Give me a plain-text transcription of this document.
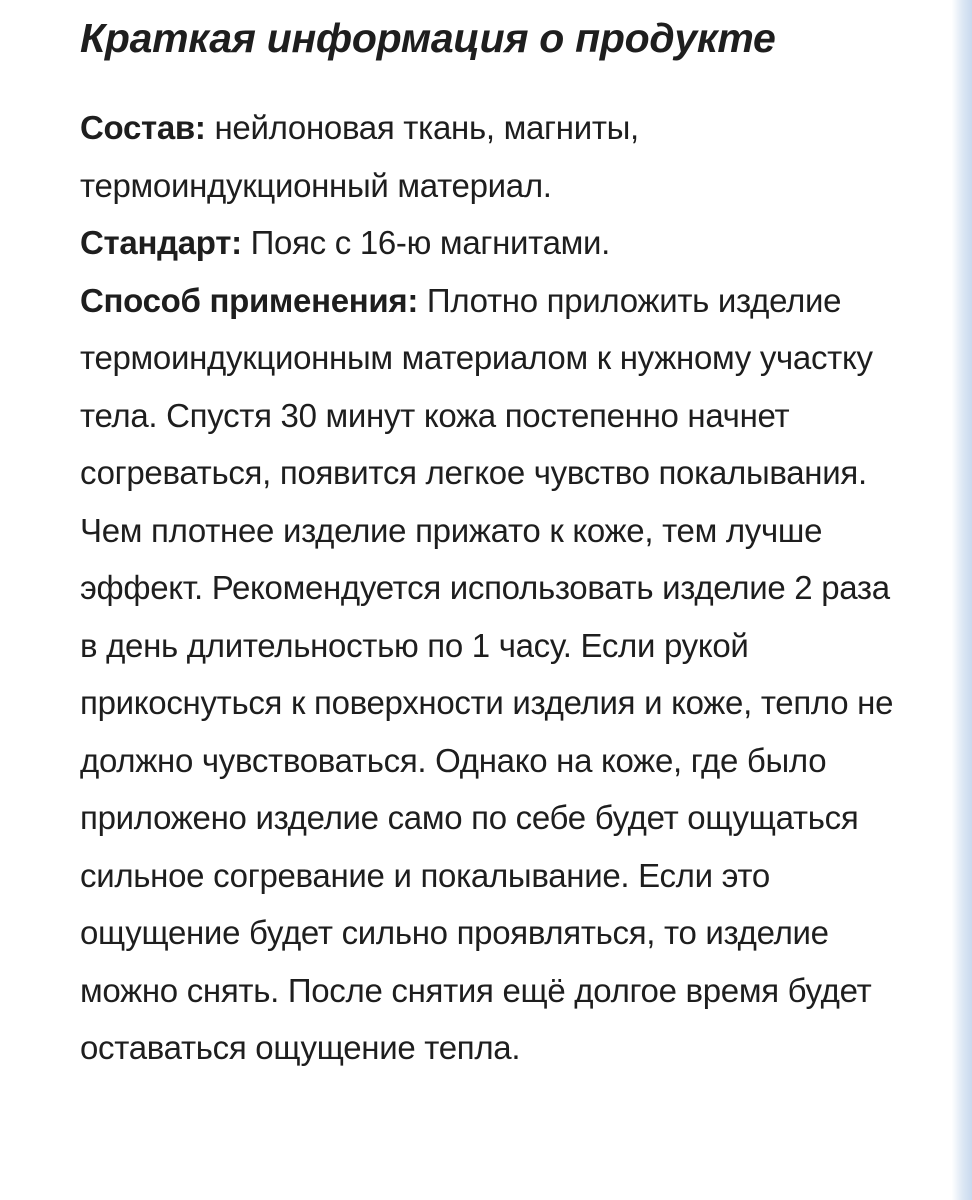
Краткая информация о продукте

Состав: нейлоновая ткань, магниты, термоиндукционный материал.

Стандарт: Пояс с 16-ю магнитами.

Способ применения: Плотно приложить изделие термоиндукционным материалом к нужному участку тела. Спустя 30 минут кожа постепенно начнет согреваться, появится легкое чувство покалывания. Чем плотнее изделие прижато к коже, тем лучше эффект. Рекомендуется использовать изделие 2 раза в день длительностью по 1 часу. Если рукой прикоснуться к поверхности изделия и коже, тепло не должно чувствоваться. Однако на коже, где было приложено изделие само по себе будет ощущаться сильное согревание и покалывание. Если это ощущение будет сильно проявляться, то изделие можно снять. После снятия ещё долгое время будет оставаться ощущение тепла.
